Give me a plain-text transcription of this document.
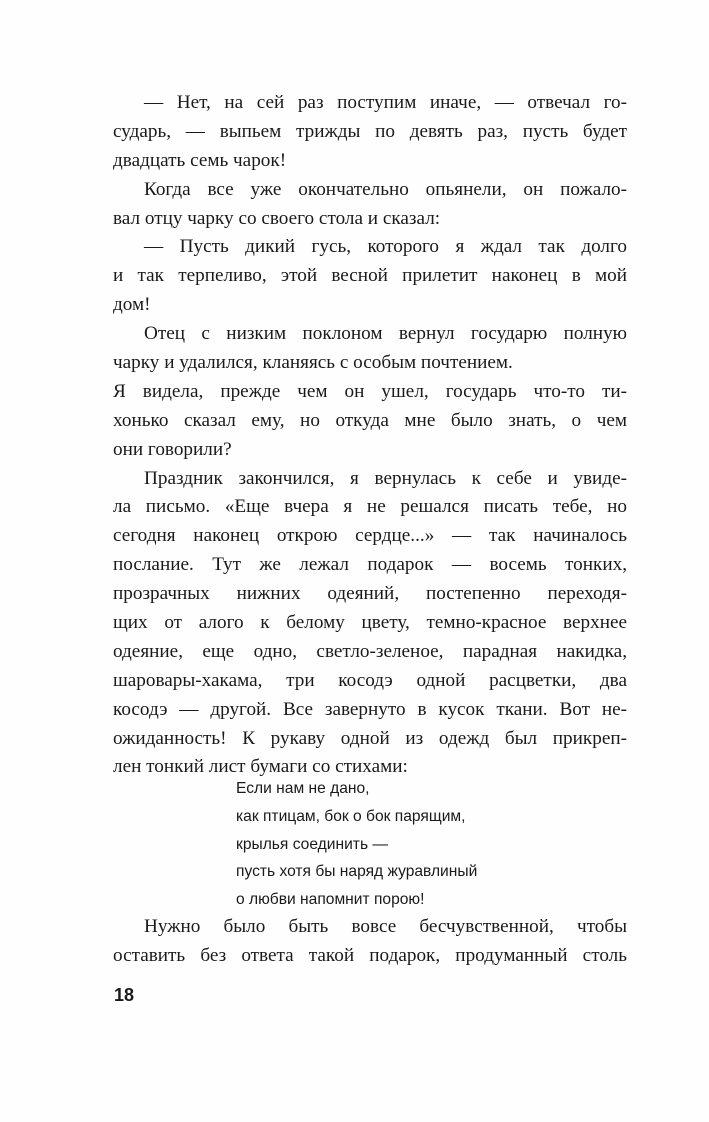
— Нет, на сей раз поступим иначе, — отвечал го-
сударь, — выпьем трижды по девять раз, пусть будет
двадцать семь чарок!
Когда все уже окончательно опьянели, он пожало-
вал отцу чарку со своего стола и сказал:
— Пусть дикий гусь, которого я ждал так долго
и так терпеливо, этой весной прилетит наконец в мой
дом!
Отец с низким поклоном вернул государю полную
чарку и удалился, кланяясь с особым почтением.
Я видела, прежде чем он ушел, государь что-то ти-
хонько сказал ему, но откуда мне было знать, о чем
они говорили?
Праздник закончился, я вернулась к себе и увиде-
ла письмо. «Еще вчера я не решался писать тебе, но
сегодня наконец открою сердце...» — так начиналось
послание. Тут же лежал подарок — восемь тонких,
прозрачных нижних одеяний, постепенно переходя-
щих от алого к белому цвету, темно-красное верхнее
одеяние, еще одно, светло-зеленое, парадная накидка,
шаровары-хакама, три косодэ одной расцветки, два
косодэ — другой. Все завернуто в кусок ткани. Вот не-
ожиданность! К рукаву одной из одежд был прикреп-
лен тонкий лист бумаги со стихами:
Если нам не дано,
как птицам, бок о бок парящим,
крылья соединить —
пусть хотя бы наряд журавлиный
о любви напомнит порою!
Нужно было быть вовсе бесчувственной, чтобы
оставить без ответа такой подарок, продуманный столь
18
